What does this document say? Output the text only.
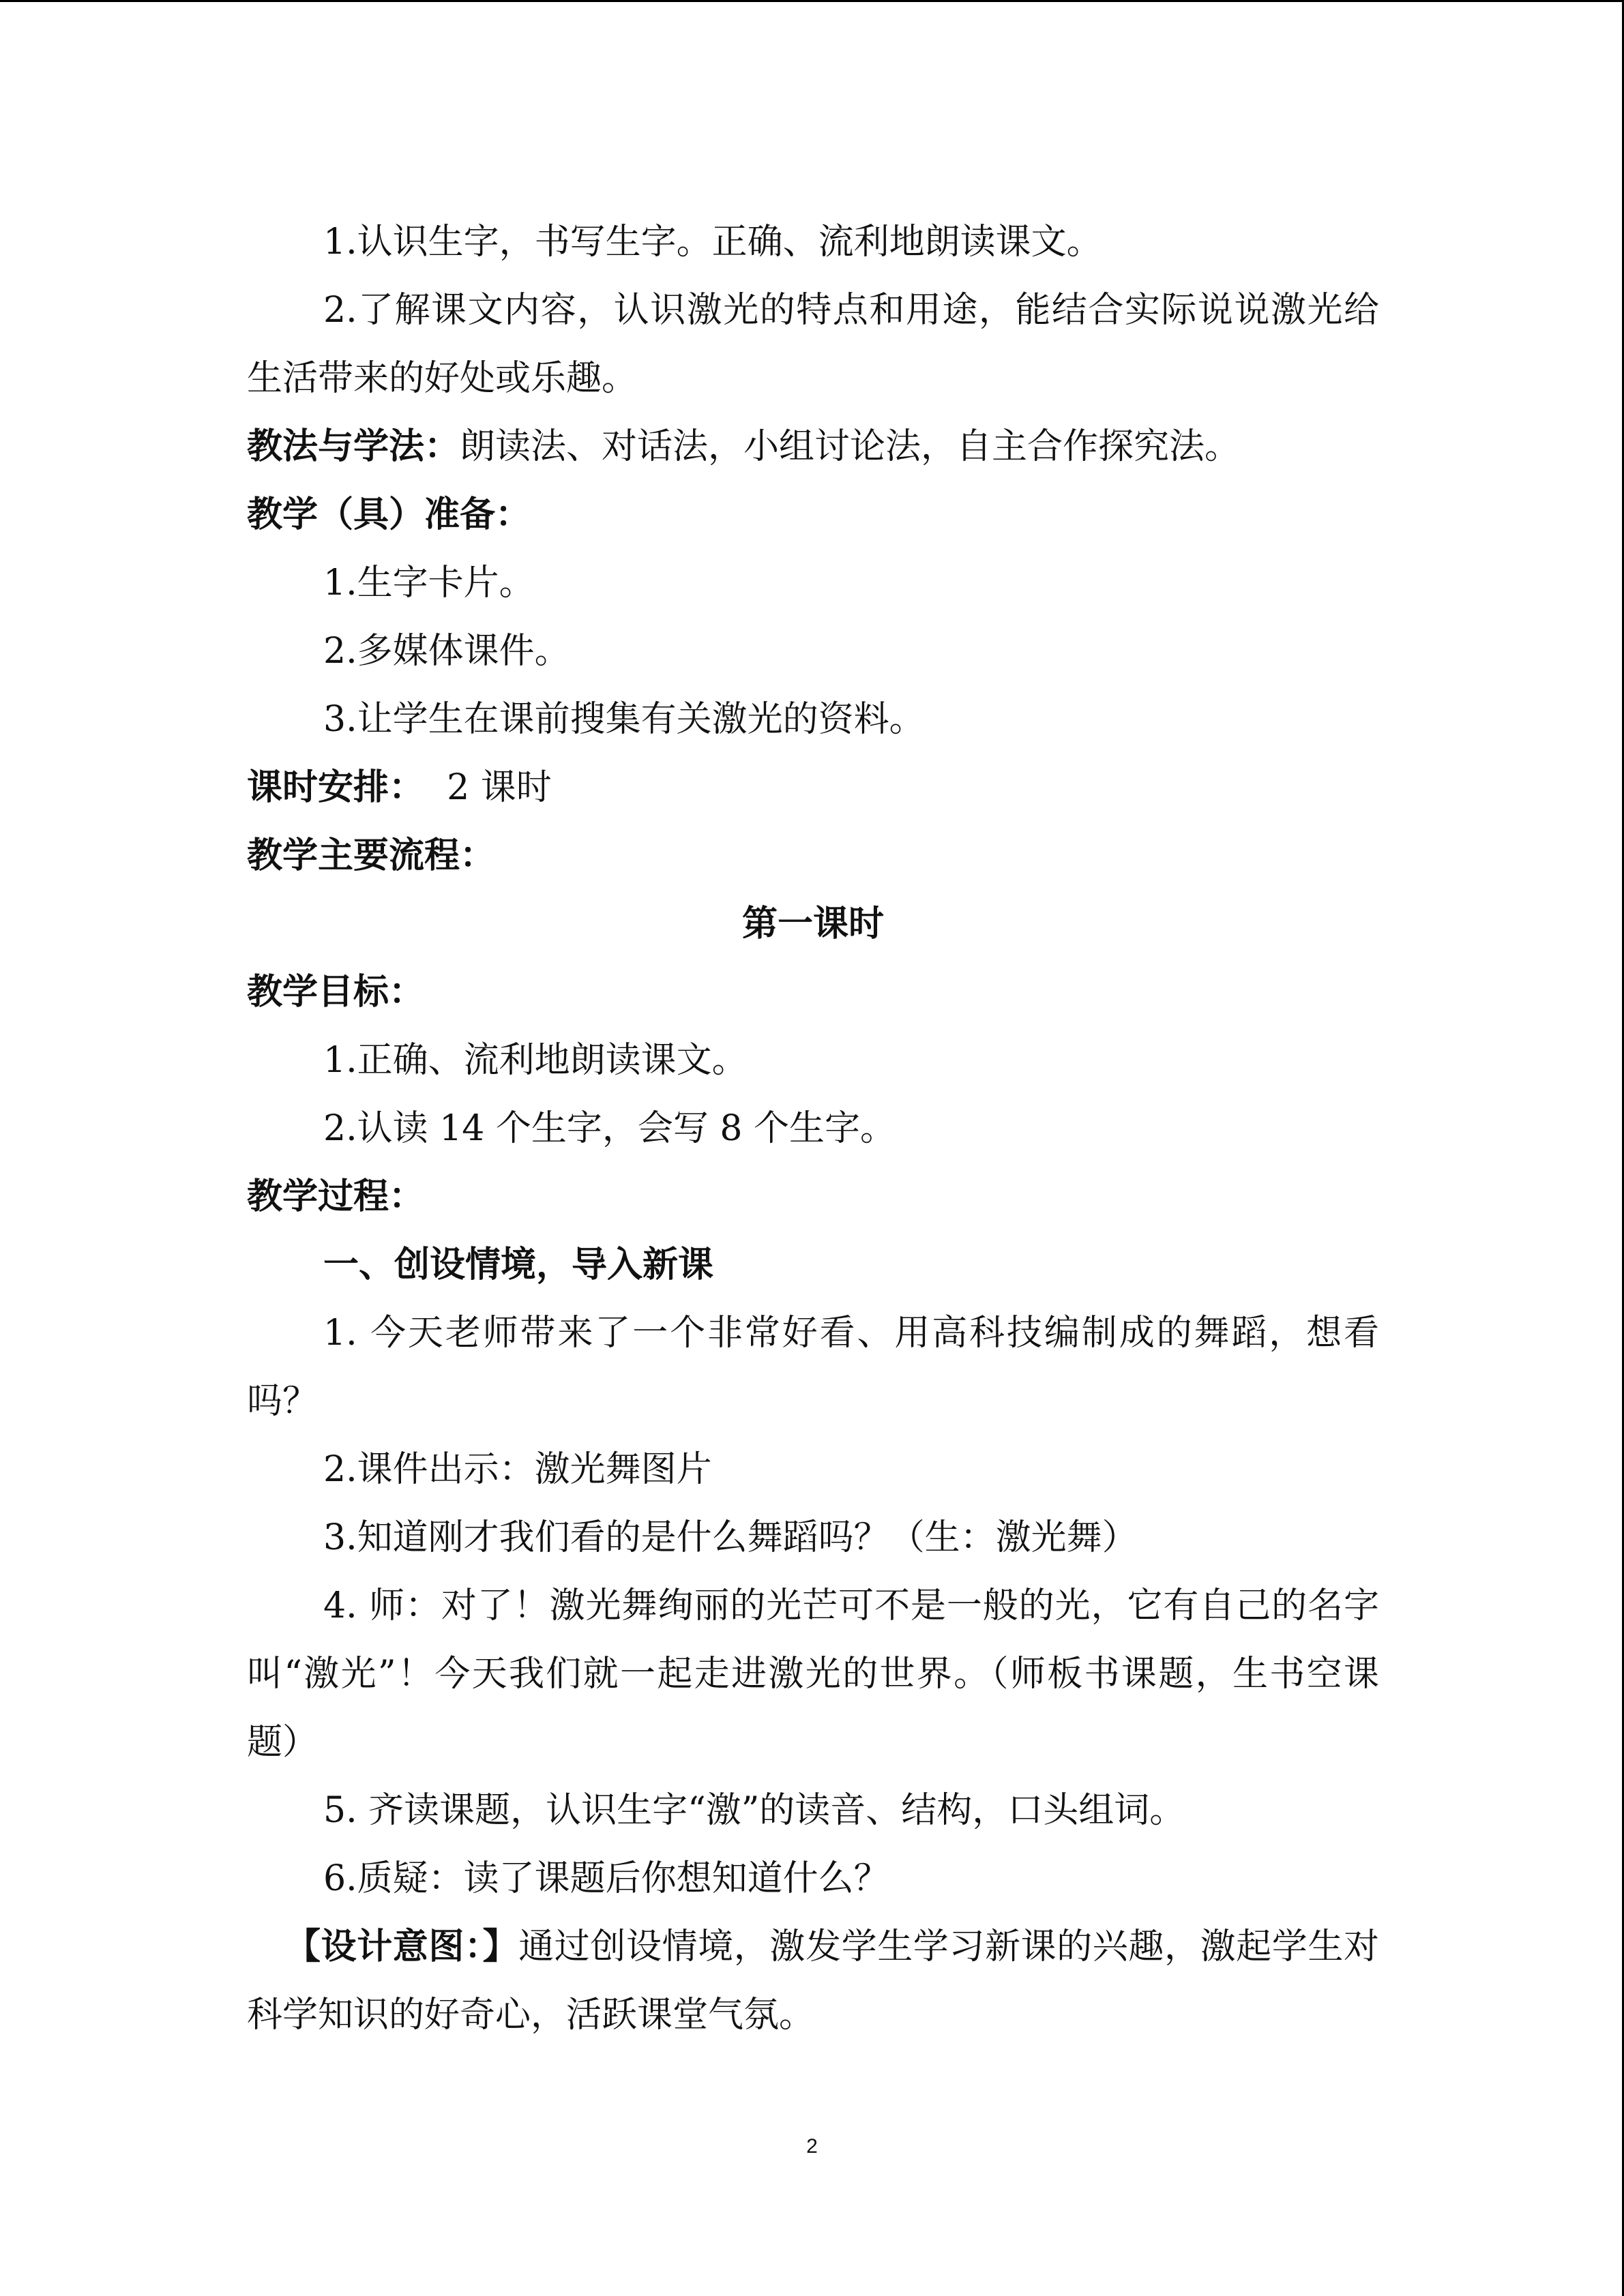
1.认识生字，书写生字。正确、流利地朗读课文。

2.了解课文内容，认识激光的特点和用途，能结合实际说说激光给生活带来的好处或乐趣。

教法与学法：朗读法、对话法，小组讨论法，自主合作探究法。

教学（具）准备：

1.生字卡片。

2.多媒体课件。

3.让学生在课前搜集有关激光的资料。

课时安排：  2 课时

教学主要流程：

第一课时

教学目标：

1.正确、流利地朗读课文。

2.认读 14 个生字，会写 8 个生字。

教学过程：

一、创设情境，导入新课

1. 今天老师带来了一个非常好看、用高科技编制成的舞蹈，想看吗？

2.课件出示：激光舞图片

3.知道刚才我们看的是什么舞蹈吗？（生：激光舞）

4. 师：对了！激光舞绚丽的光芒可不是一般的光，它有自己的名字叫“激光”！今天我们就一起走进激光的世界。（师板书课题，生书空课题）

5. 齐读课题，认识生字“激”的读音、结构，口头组词。

6.质疑：读了课题后你想知道什么？

【设计意图：】通过创设情境，激发学生学习新课的兴趣，激起学生对科学知识的好奇心，活跃课堂气氛。

2
